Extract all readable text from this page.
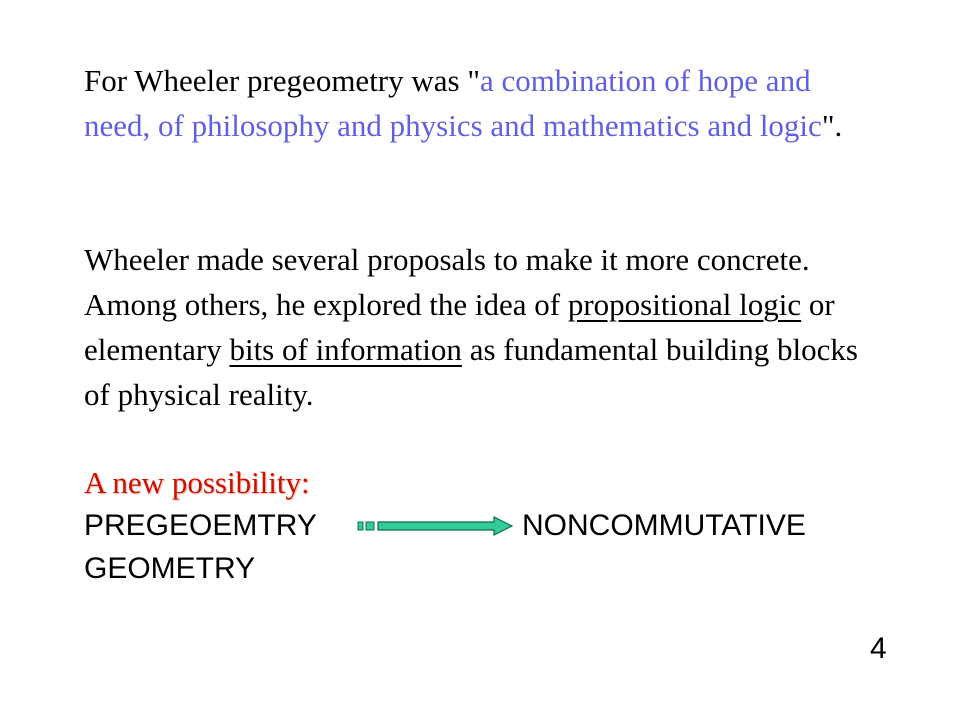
For Wheeler pregeometry was "a combination of hope and need, of philosophy and physics and mathematics and logic".

Wheeler made several proposals to make it more concrete. Among others, he explored the idea of propositional logic or elementary bits of information as fundamental building blocks of physical reality.

A new possibility:
PREGEOEMTRY	NONCOMMUTATIVE
GEOMETRY
4
